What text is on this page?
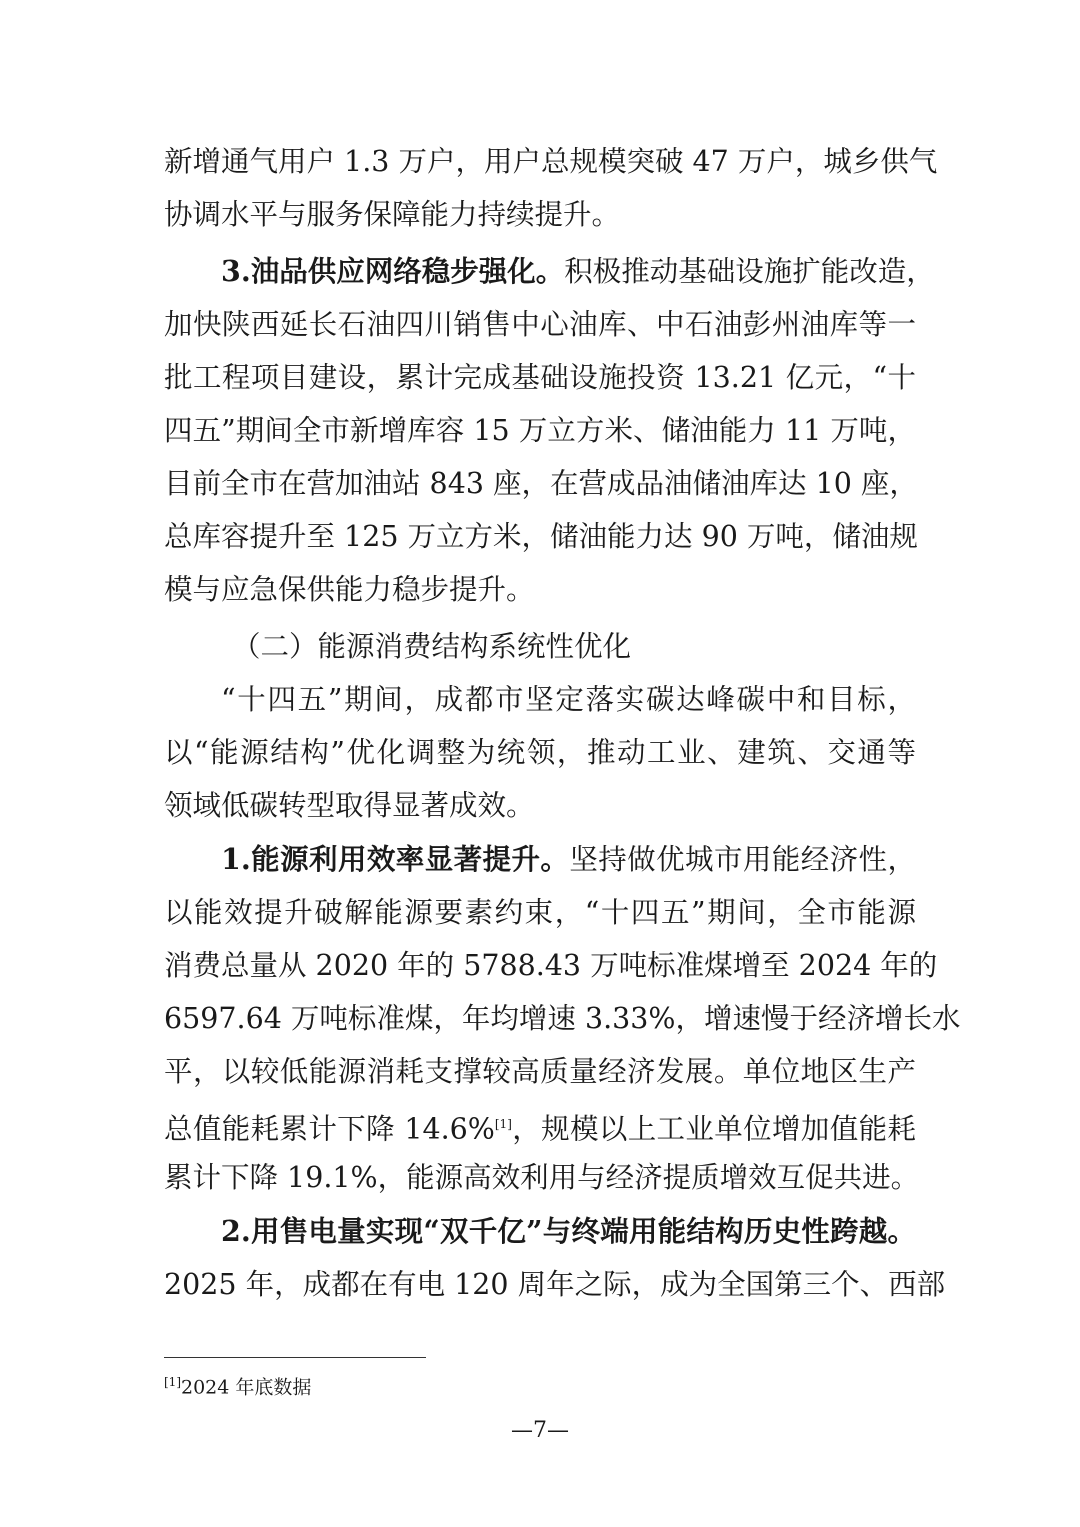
新增通气用户 1.3 万户，用户总规模突破 47 万户，城乡供气
协调水平与服务保障能力持续提升。
3.油品供应网络稳步强化。积极推动基础设施扩能改造，
加快陕西延长石油四川销售中心油库、中石油彭州油库等一
批工程项目建设，累计完成基础设施投资 13.21 亿元，“十
四五”期间全市新增库容 15 万立方米、储油能力 11 万吨，
目前全市在营加油站 843 座，在营成品油储油库达 10 座，
总库容提升至 125 万立方米，储油能力达 90 万吨，储油规
模与应急保供能力稳步提升。
（二）能源消费结构系统性优化
“十四五”期间，成都市坚定落实碳达峰碳中和目标，
以“能源结构”优化调整为统领，推动工业、建筑、交通等
领域低碳转型取得显著成效。
1.能源利用效率显著提升。坚持做优城市用能经济性，
以能效提升破解能源要素约束，“十四五”期间，全市能源
消费总量从 2020 年的 5788.43 万吨标准煤增至 2024 年的
6597.64 万吨标准煤，年均增速 3.33%，增速慢于经济增长水
平，以较低能源消耗支撑较高质量经济发展。单位地区生产
总值能耗累计下降 14.6%[1]，规模以上工业单位增加值能耗
累计下降 19.1%，能源高效利用与经济提质增效互促共进。
2.用售电量实现“双千亿”与终端用能结构历史性跨越。
2025 年，成都在有电 120 周年之际，成为全国第三个、西部
[1]2024 年底数据
—7—
